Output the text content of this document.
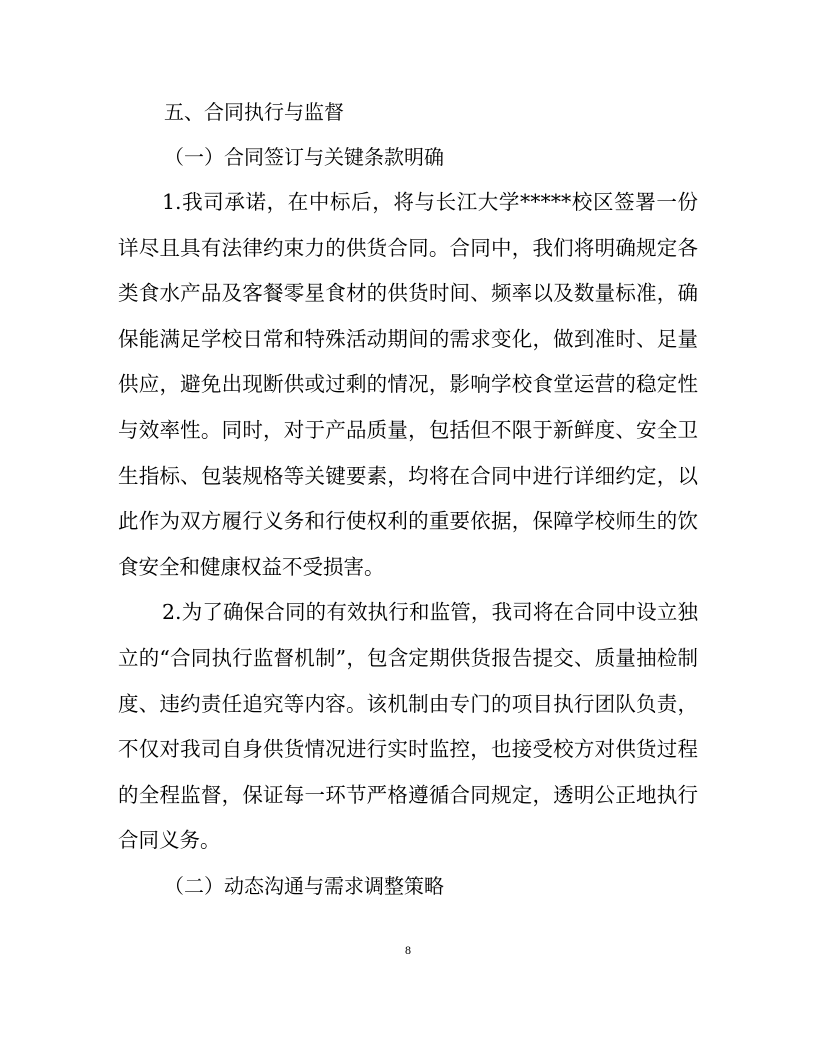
五、合同执行与监督

（一）合同签订与关键条款明确

1.我司承诺，在中标后，将与长江大学*****校区签署一份详尽且具有法律约束力的供货合同。合同中，我们将明确规定各类食水产品及客餐零星食材的供货时间、频率以及数量标准，确保能满足学校日常和特殊活动期间的需求变化，做到准时、足量供应，避免出现断供或过剩的情况，影响学校食堂运营的稳定性与效率性。同时，对于产品质量，包括但不限于新鲜度、安全卫生指标、包装规格等关键要素，均将在合同中进行详细约定，以此作为双方履行义务和行使权利的重要依据，保障学校师生的饮食安全和健康权益不受损害。

2.为了确保合同的有效执行和监管，我司将在合同中设立独立的“合同执行监督机制”，包含定期供货报告提交、质量抽检制度、违约责任追究等内容。该机制由专门的项目执行团队负责，不仅对我司自身供货情况进行实时监控，也接受校方对供货过程的全程监督，保证每一环节严格遵循合同规定，透明公正地执行合同义务。

（二）动态沟通与需求调整策略

8
